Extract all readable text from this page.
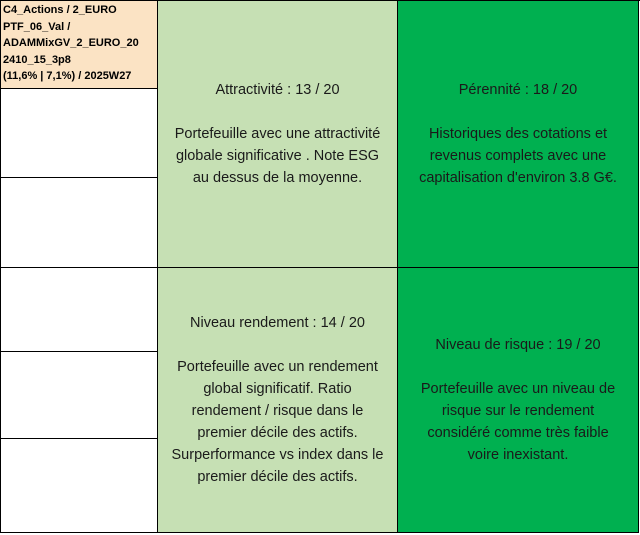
C4_Actions / 2_EURO
PTF_06_Val /
ADAMMixGV_2_EURO_20
2410_15_3p8
(11,6% | 7,1%) / 2025W27
Attractivité : 13 / 20
Portefeuille avec une attractivité
globale significative . Note ESG
au dessus de la moyenne.
Pérennité : 18 / 20
Historiques des cotations et
revenus complets avec une
capitalisation d'environ 3.8 G€.
Niveau rendement : 14 / 20
Portefeuille avec un rendement
global significatif. Ratio
rendement / risque dans le
premier décile des actifs.
Surperformance vs index dans le
premier décile des actifs.
Niveau de risque : 19 / 20
Portefeuille avec un niveau de
risque sur le rendement
considéré comme très faible
voire inexistant.
